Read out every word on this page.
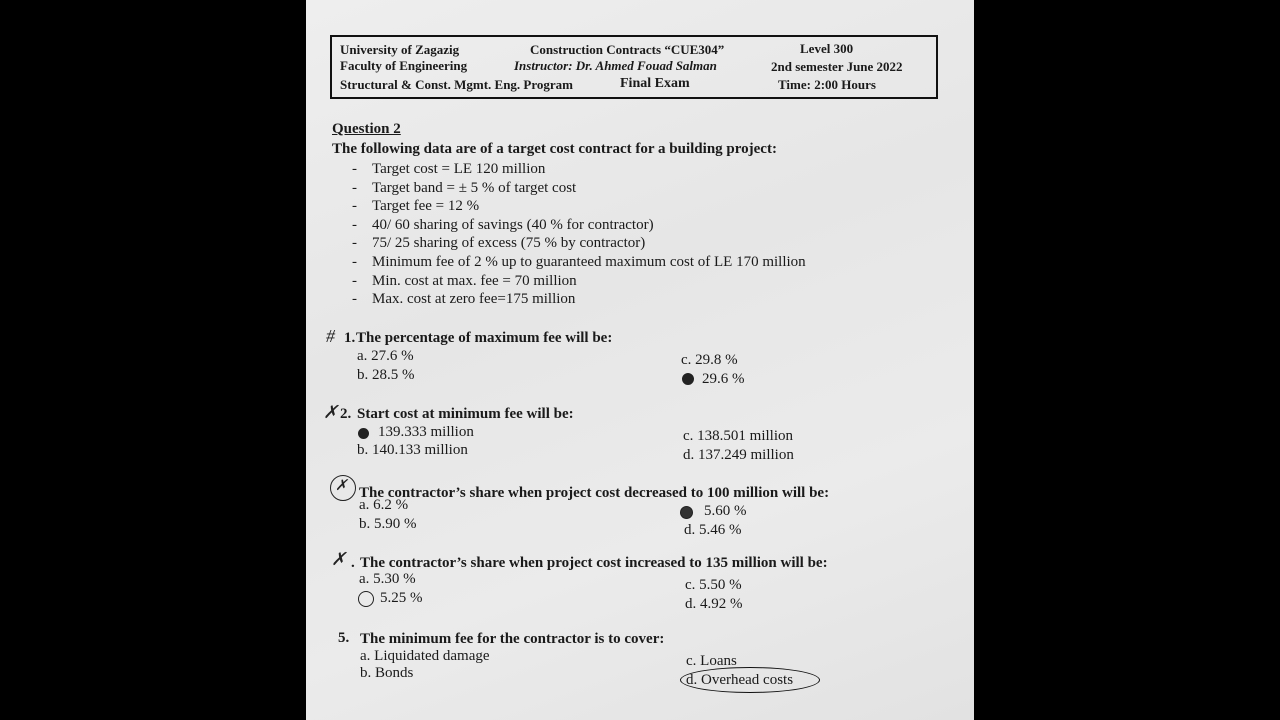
University of Zagazig
Faculty of Engineering
Structural & Const. Mgmt. Eng. Program
Construction Contracts “CUE304”
Instructor: Dr. Ahmed Fouad Salman
Final Exam
Level 300
2nd semester June 2022
Time: 2:00 Hours
Question 2
The following data are of a target cost contract for a building project:
- Target cost = LE 120 million
- Target band = ± 5 % of target cost
- Target fee = 12 %
- 40/ 60 sharing of savings (40 % for contractor)
- 75/ 25 sharing of excess (75 % by contractor)
- Minimum fee of 2 % up to guaranteed maximum cost of LE 170 million
- Min. cost at max. fee = 70 million
- Max. cost at zero fee=175 million
# 1. The percentage of maximum fee will be:
a. 27.6 %
b. 28.5 %
c. 29.8 %
29.6 %
✗ 2. Start cost at minimum fee will be:
139.333 million
b. 140.133 million
c. 138.501 million
d. 137.249 million
✗ The contractor’s share when project cost decreased to 100 million will be:
a. 6.2 %
b. 5.90 %
5.60 %
d. 5.46 %
✗ . The contractor’s share when project cost increased to 135 million will be:
a. 5.30 %
5.25 %
c. 5.50 %
d. 4.92 %
5. The minimum fee for the contractor is to cover:
a. Liquidated damage
b. Bonds
c. Loans
d. Overhead costs
